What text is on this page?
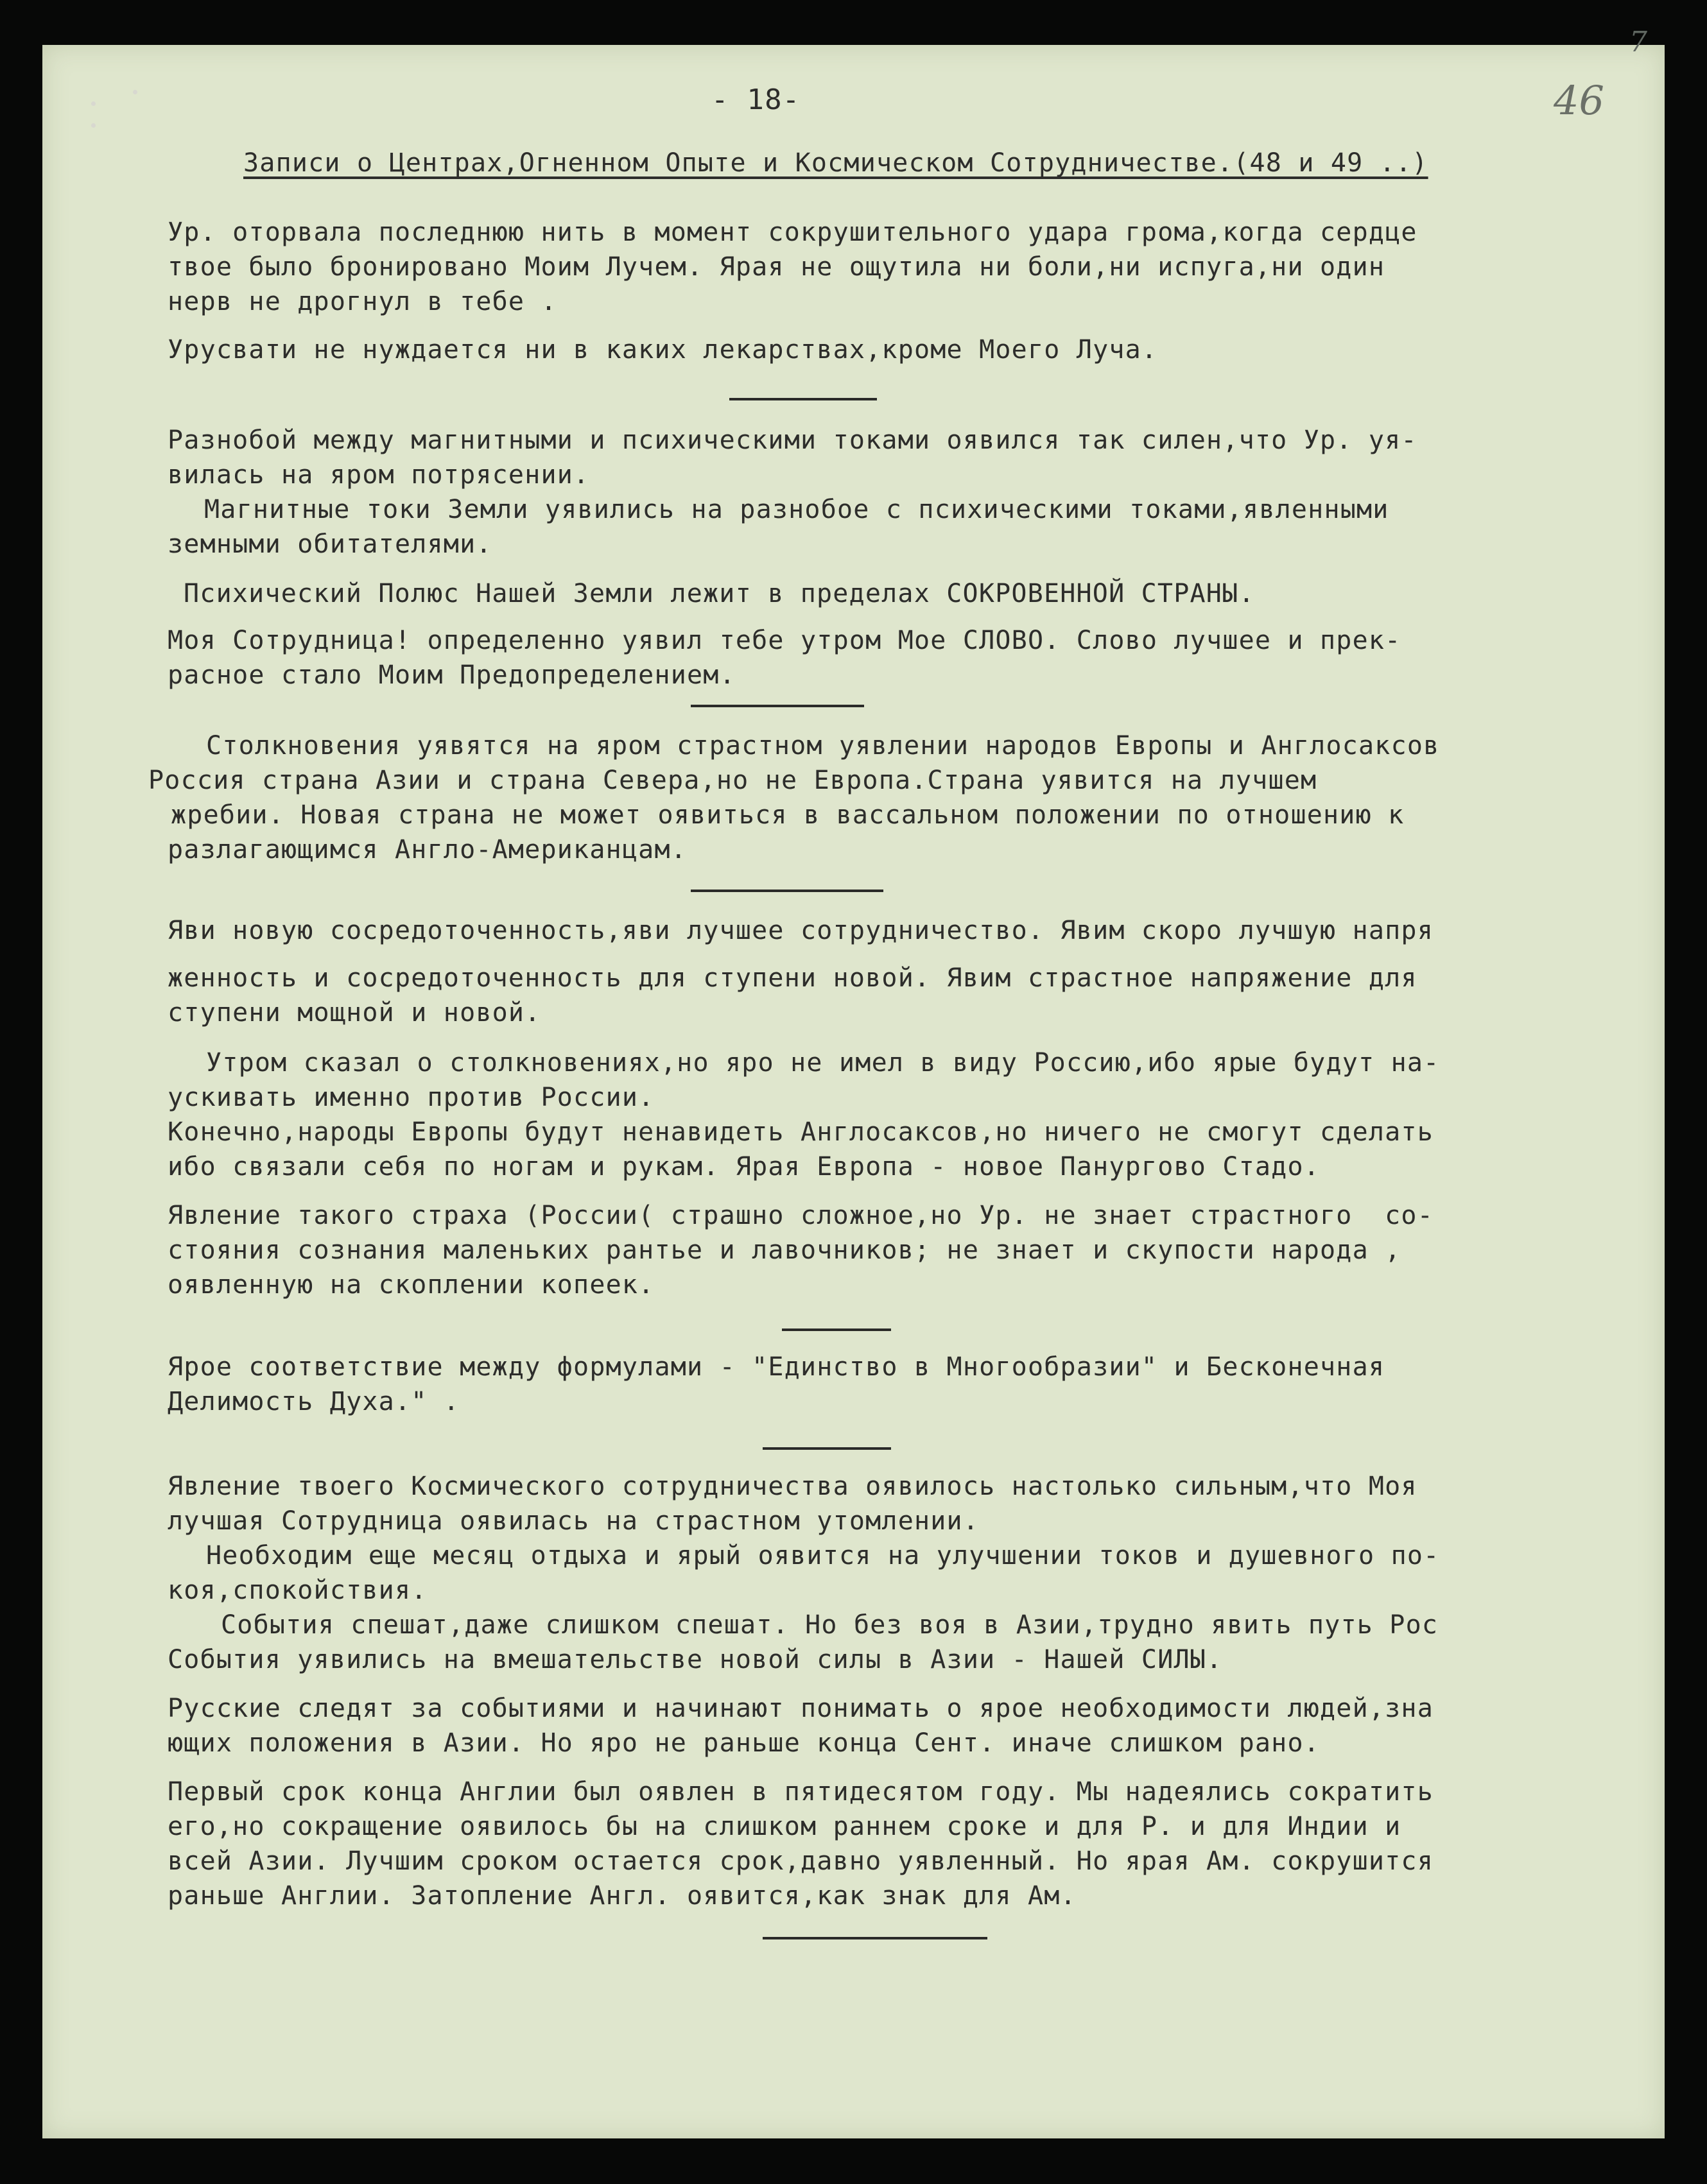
- 18-
Записи о Центрах,Огненном Опыте и Космическом Сотрудничестве.(48 и 49 ..)
Ур. оторвала последнюю нить в момент сокрушительного удара грома,когда сердце
твое было бронировано Моим Лучем. Ярая не ощутила ни боли,ни испуга,ни один
нерв не дрогнул в тебе .
Урусвати не нуждается ни в каких лекарствах,кроме Моего Луча.
Разнобой между магнитными и психическими токами оявился так силен,что Ур. уя-
вилась на яром потрясении.
Магнитные токи Земли уявились на разнобое с психическими токами,явленными
земными обитателями.
Психический Полюс Нашей Земли лежит в пределах СОКРОВЕННОЙ СТРАНЫ.
Моя Сотрудница! определенно уявил тебе утром Мое СЛОВО. Слово лучшее и прек-
расное стало Моим Предопределением.
Столкновения уявятся на яром страстном уявлении народов Европы и Англосаксов
Россия страна Азии и страна Севера,но не Европа.Страна уявится на лучшем
жребии. Новая страна не может оявиться в вассальном положении по отношению к
разлагающимся Англо-Американцам.
Яви новую сосредоточенность,яви лучшее сотрудничество. Явим скоро лучшую напря
женность и сосредоточенность для ступени новой. Явим страстное напряжение для
ступени мощной и новой.
Утром сказал о столкновениях,но яро не имел в виду Россию,ибо ярые будут на-
ускивать именно против России.
Конечно,народы Европы будут ненавидеть Англосаксов,но ничего не смогут сделать
ибо связали себя по ногам и рукам. Ярая Европа - новое Панургово Стадо.
Явление такого страха (России( страшно сложное,но Ур. не знает страстного  со-
стояния сознания маленьких рантье и лавочников; не знает и скупости народа ,
оявленную на скоплении копеек.
Ярое соответствие между формулами - "Единство в Многообразии" и Бесконечная
Делимость Духа." .
Явление твоего Космического сотрудничества оявилось настолько сильным,что Моя
лучшая Сотрудница оявилась на страстном утомлении.
Необходим еще месяц отдыха и ярый оявится на улучшении токов и душевного по-
коя,спокойствия.
События спешат,даже слишком спешат. Но без воя в Азии,трудно явить путь Рос
События уявились на вмешательстве новой силы в Азии - Нашей СИЛЫ.
Русские следят за событиями и начинают понимать о ярое необходимости людей,зна
ющих положения в Азии. Но яро не раньше конца Сент. иначе слишком рано.
Первый срок конца Англии был оявлен в пятидесятом году. Мы надеялись сократить
его,но сокращение оявилось бы на слишком раннем сроке и для Р. и для Индии и
всей Азии. Лучшим сроком остается срок,давно уявленный. Но ярая Ам. сокрушится
раньше Англии. Затопление Англ. оявится,как знак для Ам.
46
7
